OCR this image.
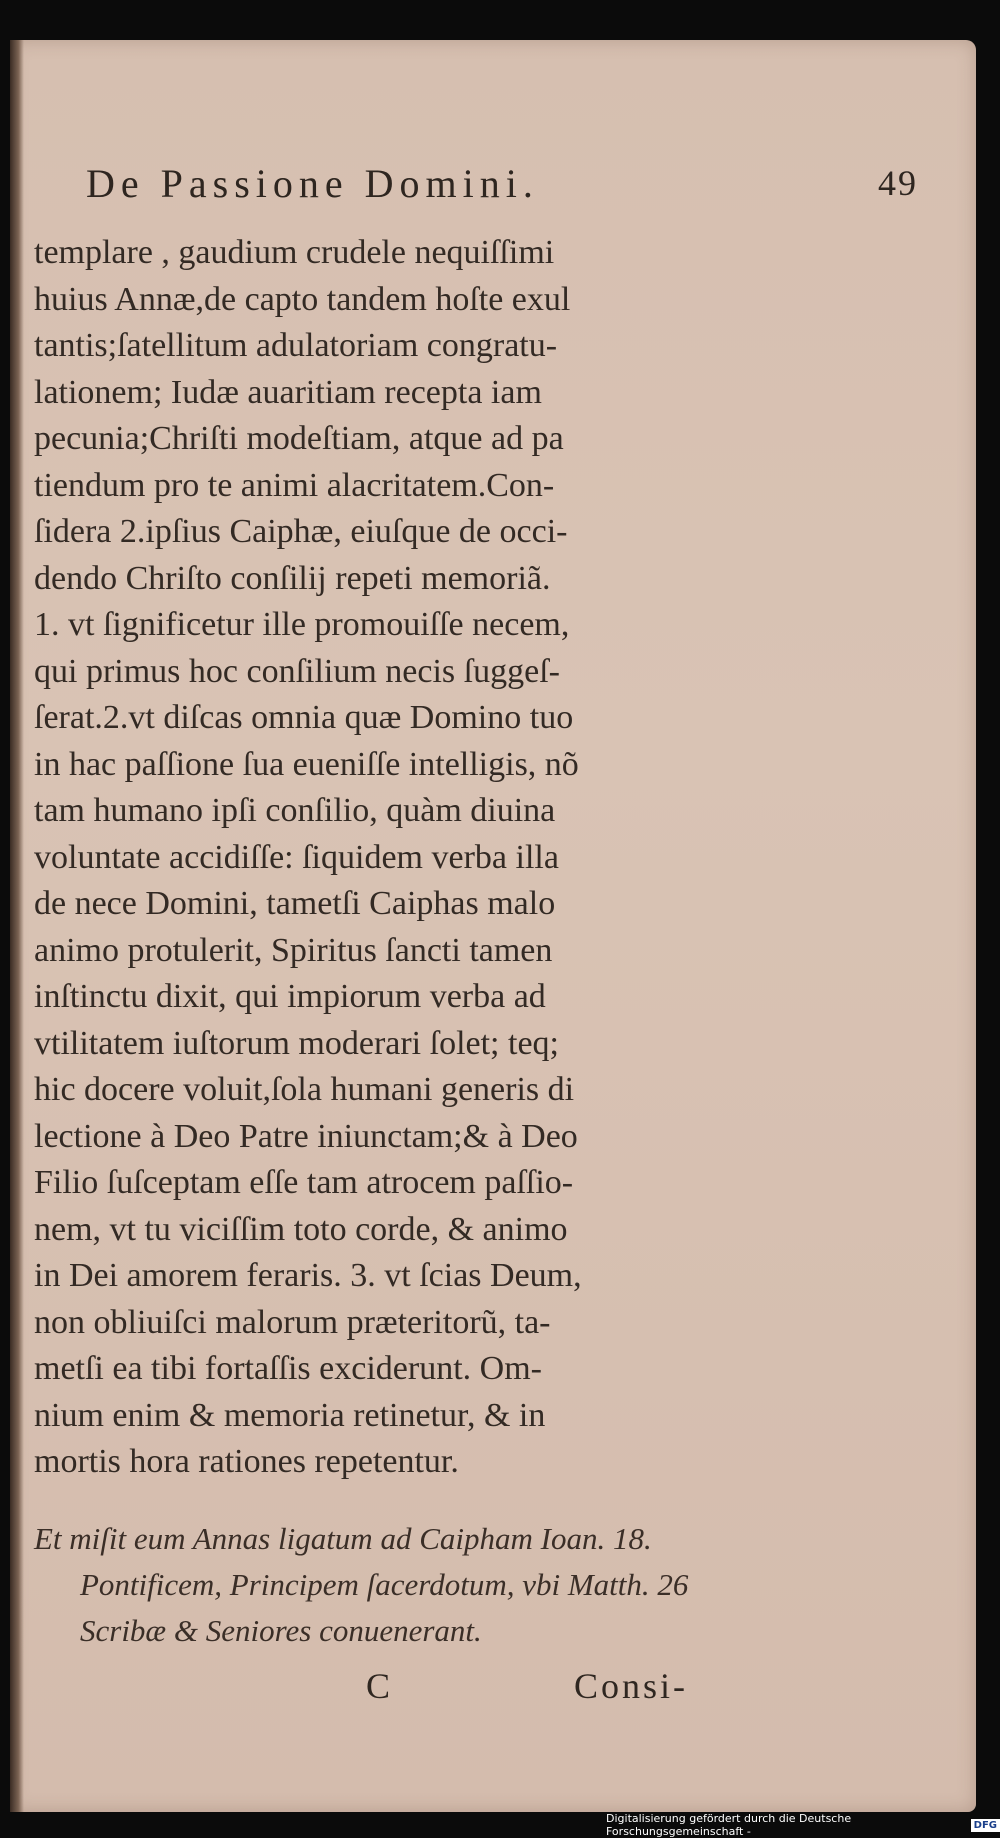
De Passione Domini.	49
templare , gaudium crudele nequiſſimi
huius Annæ,de capto tandem hoſte exul
tantis;ſatellitum adulatoriam congratu-
lationem; Iudæ auaritiam recepta iam
pecunia;Chriſti modeſtiam, atque ad pa
tiendum pro te animi alacritatem.Con-
ſidera 2.ipſius Caiphæ, eiuſque de occi-
dendo Chriſto conſilij repeti memoriã.
1. vt ſignificetur ille promouiſſe necem,
qui primus hoc conſilium necis ſuggeſ-
ſerat.2.vt diſcas omnia quæ Domino tuo
in hac paſſione ſua eueniſſe intelligis, nõ
tam humano ipſi conſilio, quàm diuina
voluntate accidiſſe: ſiquidem verba illa
de nece Domini, tametſi Caiphas malo
animo protulerit, Spiritus ſancti tamen
inſtinctu dixit, qui impiorum verba ad
vtilitatem iuſtorum moderari ſolet; teq;
hic docere voluit,ſola humani generis di
lectione à Deo Patre iniunctam;& à Deo
Filio ſuſceptam eſſe tam atrocem paſſio-
nem, vt tu viciſſim toto corde, & animo
in Dei amorem feraris. 3. vt ſcias Deum,
non obliuiſci malorum præteritorũ, ta-
metſi ea tibi fortaſſis exciderunt. Om-
nium enim & memoria retinetur, & in
mortis hora rationes repetentur.
Et miſit eum Annas ligatum ad Caipham Ioan. 18.
Pontificem, Principem ſacerdotum, vbi Matth. 26
Scribæ & Seniores conuenerant.
C	Consi-
Digitalisierung gefördert durch die Deutsche Forschungsgemeinschaft -	DFG
